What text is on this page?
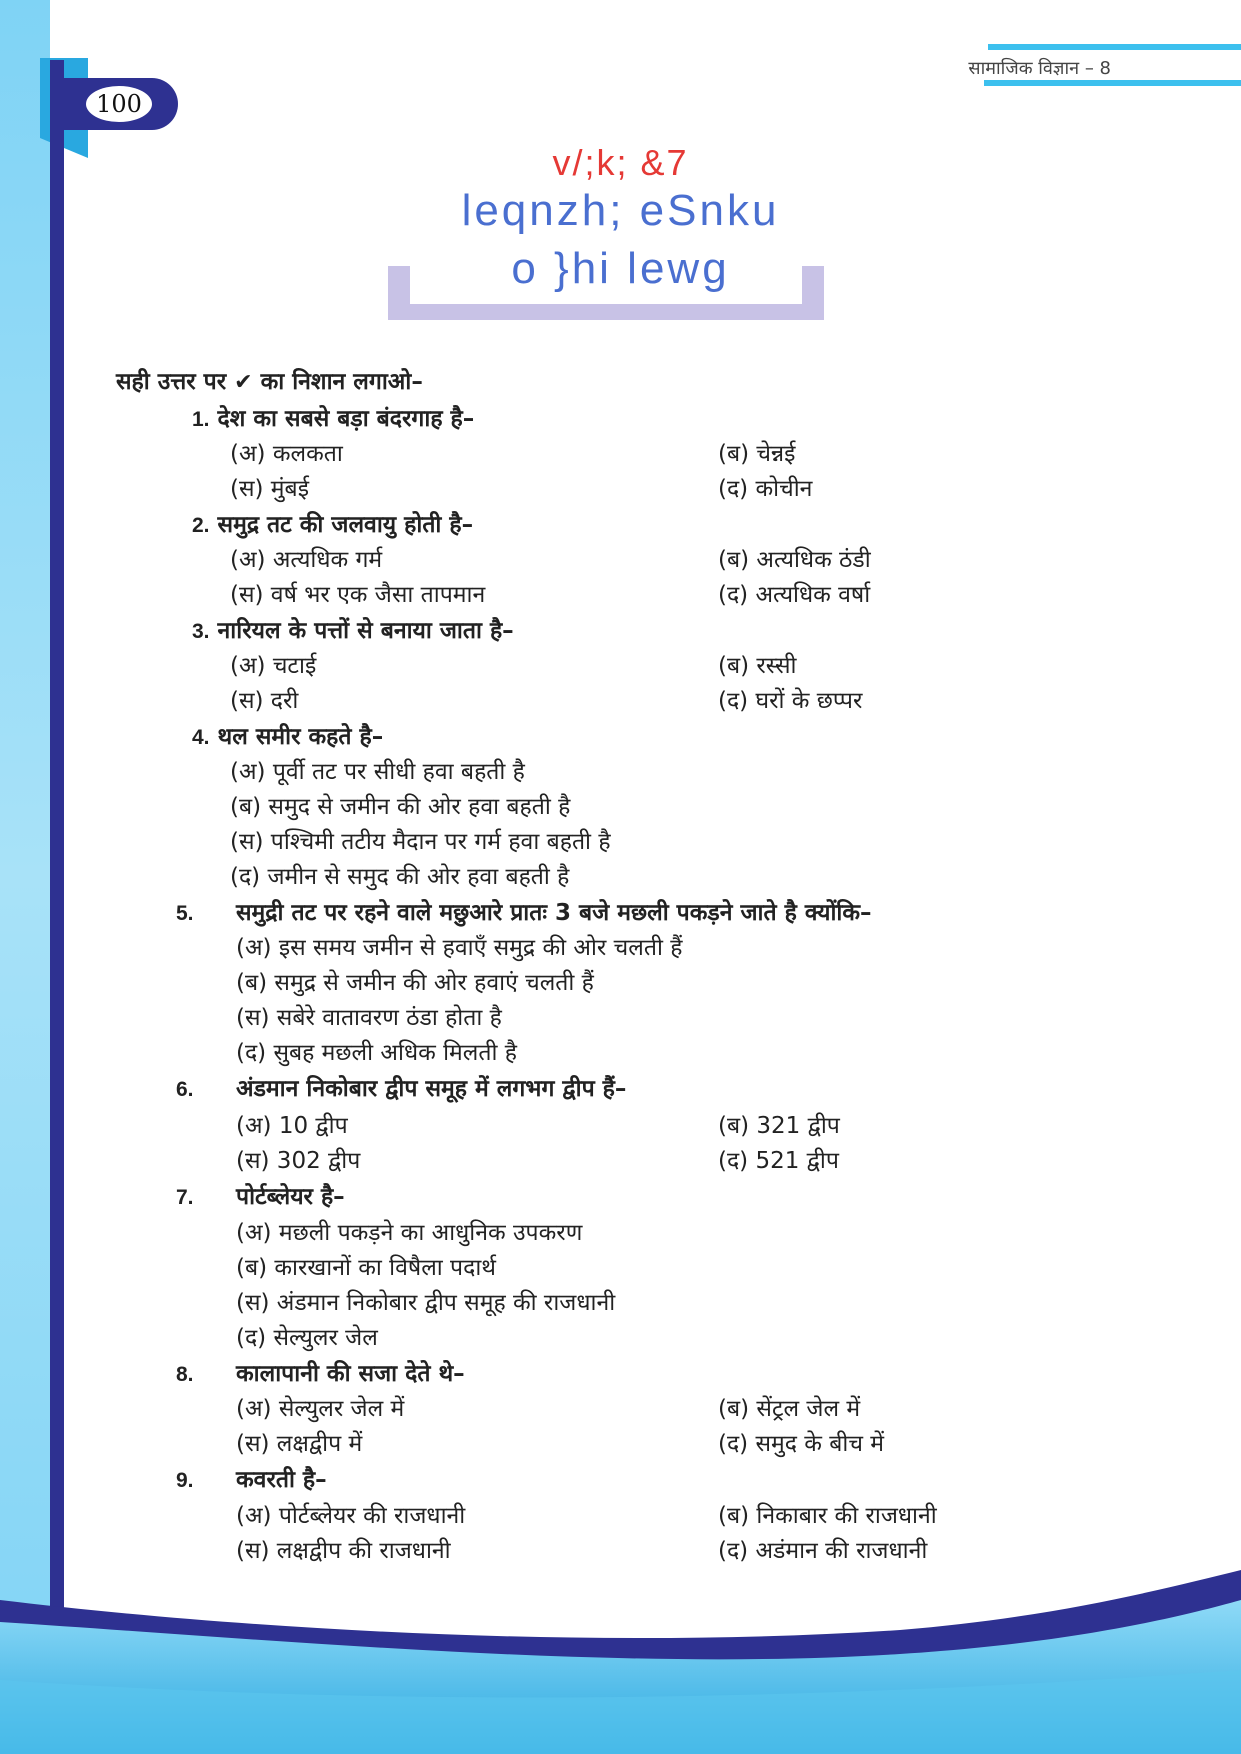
100
सामाजिक विज्ञान – 8
v/;k; &7
leqnzh; eSnku
o }hi lewg
सही उत्तर पर ✔ का निशान लगाओ–
1. देश का सबसे बड़ा बंदरगाह है–
(अ) कलकता	(ब) चेन्नई
(स) मुंबई	(द) कोचीन
2. समुद्र तट की जलवायु होती है–
(अ) अत्यधिक गर्म	(ब) अत्यधिक ठंडी
(स) वर्ष भर एक जैसा तापमान	(द) अत्यधिक वर्षा
3. नारियल के पत्तों से बनाया जाता है–
(अ) चटाई	(ब) रस्सी
(स) दरी	(द) घरों के छप्पर
4. थल समीर कहते है–
(अ) पूर्वी तट पर सीधी हवा बहती है
(ब) समुद से जमीन की ओर हवा बहती है
(स) पश्चिमी तटीय मैदान पर गर्म हवा बहती है
(द) जमीन से समुद की ओर हवा बहती है
5. समुद्री तट पर रहने वाले मछुआरे प्रातः 3 बजे मछली पकड़ने जाते है क्योंकि–
(अ) इस समय जमीन से हवाएँ समुद्र की ओर चलती हैं
(ब) समुद्र से जमीन की ओर हवाएं चलती हैं
(स) सबेरे वातावरण ठंडा होता है
(द) सुबह मछली अधिक मिलती है
6. अंडमान निकोबार द्वीप समूह में लगभग द्वीप हैं–
(अ) 10 द्वीप	(ब) 321 द्वीप
(स) 302 द्वीप	(द) 521 द्वीप
7. पोर्टब्लेयर है–
(अ) मछली पकड़ने का आधुनिक उपकरण
(ब) कारखानों का विषैला पदार्थ
(स) अंडमान निकोबार द्वीप समूह की राजधानी
(द) सेल्युलर जेल
8. कालापानी की सजा देते थे–
(अ) सेल्युलर जेल में	(ब) सेंट्रल जेल में
(स) लक्षद्वीप में	(द) समुद के बीच में
9. कवरती है–
(अ) पोर्टब्लेयर की राजधानी	(ब) निकाबार की राजधानी
(स) लक्षद्वीप की राजधानी	(द) अडंमान की राजधानी
